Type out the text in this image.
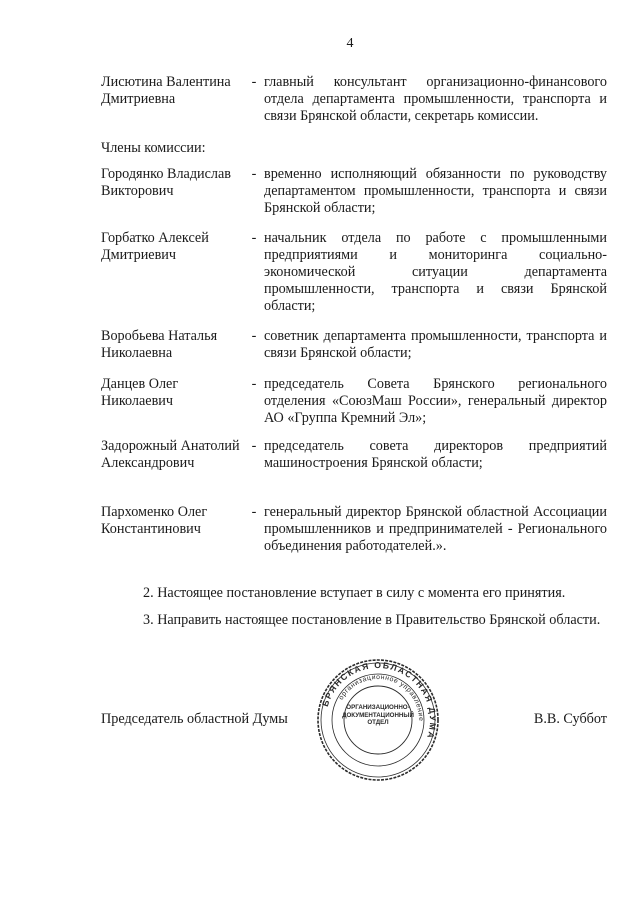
4
Лисютина Валентина Дмитриевна
- главный консультант организационно-финансового отдела департамента промышленности, транспорта и связи Брянской области, секретарь комиссии.
Члены комиссии:
Городянко Владислав Викторович
- временно исполняющий обязанности по руководству департаментом промышленности, транспорта и связи Брянской области;
Горбатко Алексей Дмитриевич
- начальник отдела по работе с промышленными предприятиями и мониторинга социально-экономической ситуации департамента промышленности, транспорта и связи Брянской области;
Воробьева Наталья Николаевна
- советник департамента промышленности, транспорта и связи Брянской области;
Данцев Олег Николаевич
- председатель Совета Брянского регионального отделения «СоюзМаш России», генеральный директор АО «Группа Кремний Эл»;
Задорожный Анатолий Александрович
- председатель совета директоров предприятий машиностроения Брянской области;
Пархоменко Олег Константинович
- генеральный директор Брянской областной Ассоциации промышленников и предпринимателей - Регионального объединения работодателей.».
2. Настоящее постановление вступает в силу с момента его принятия.
3. Направить настоящее постановление в Правительство Брянской области.
БРЯНСКАЯ ОБЛАСТНАЯ ДУМА
организационное управление
ОРГАНИЗАЦИОННО-ДОКУМЕНТАЦИОННЫЙ ОТДЕЛ
Председатель областной Думы	В.В. Суббот
